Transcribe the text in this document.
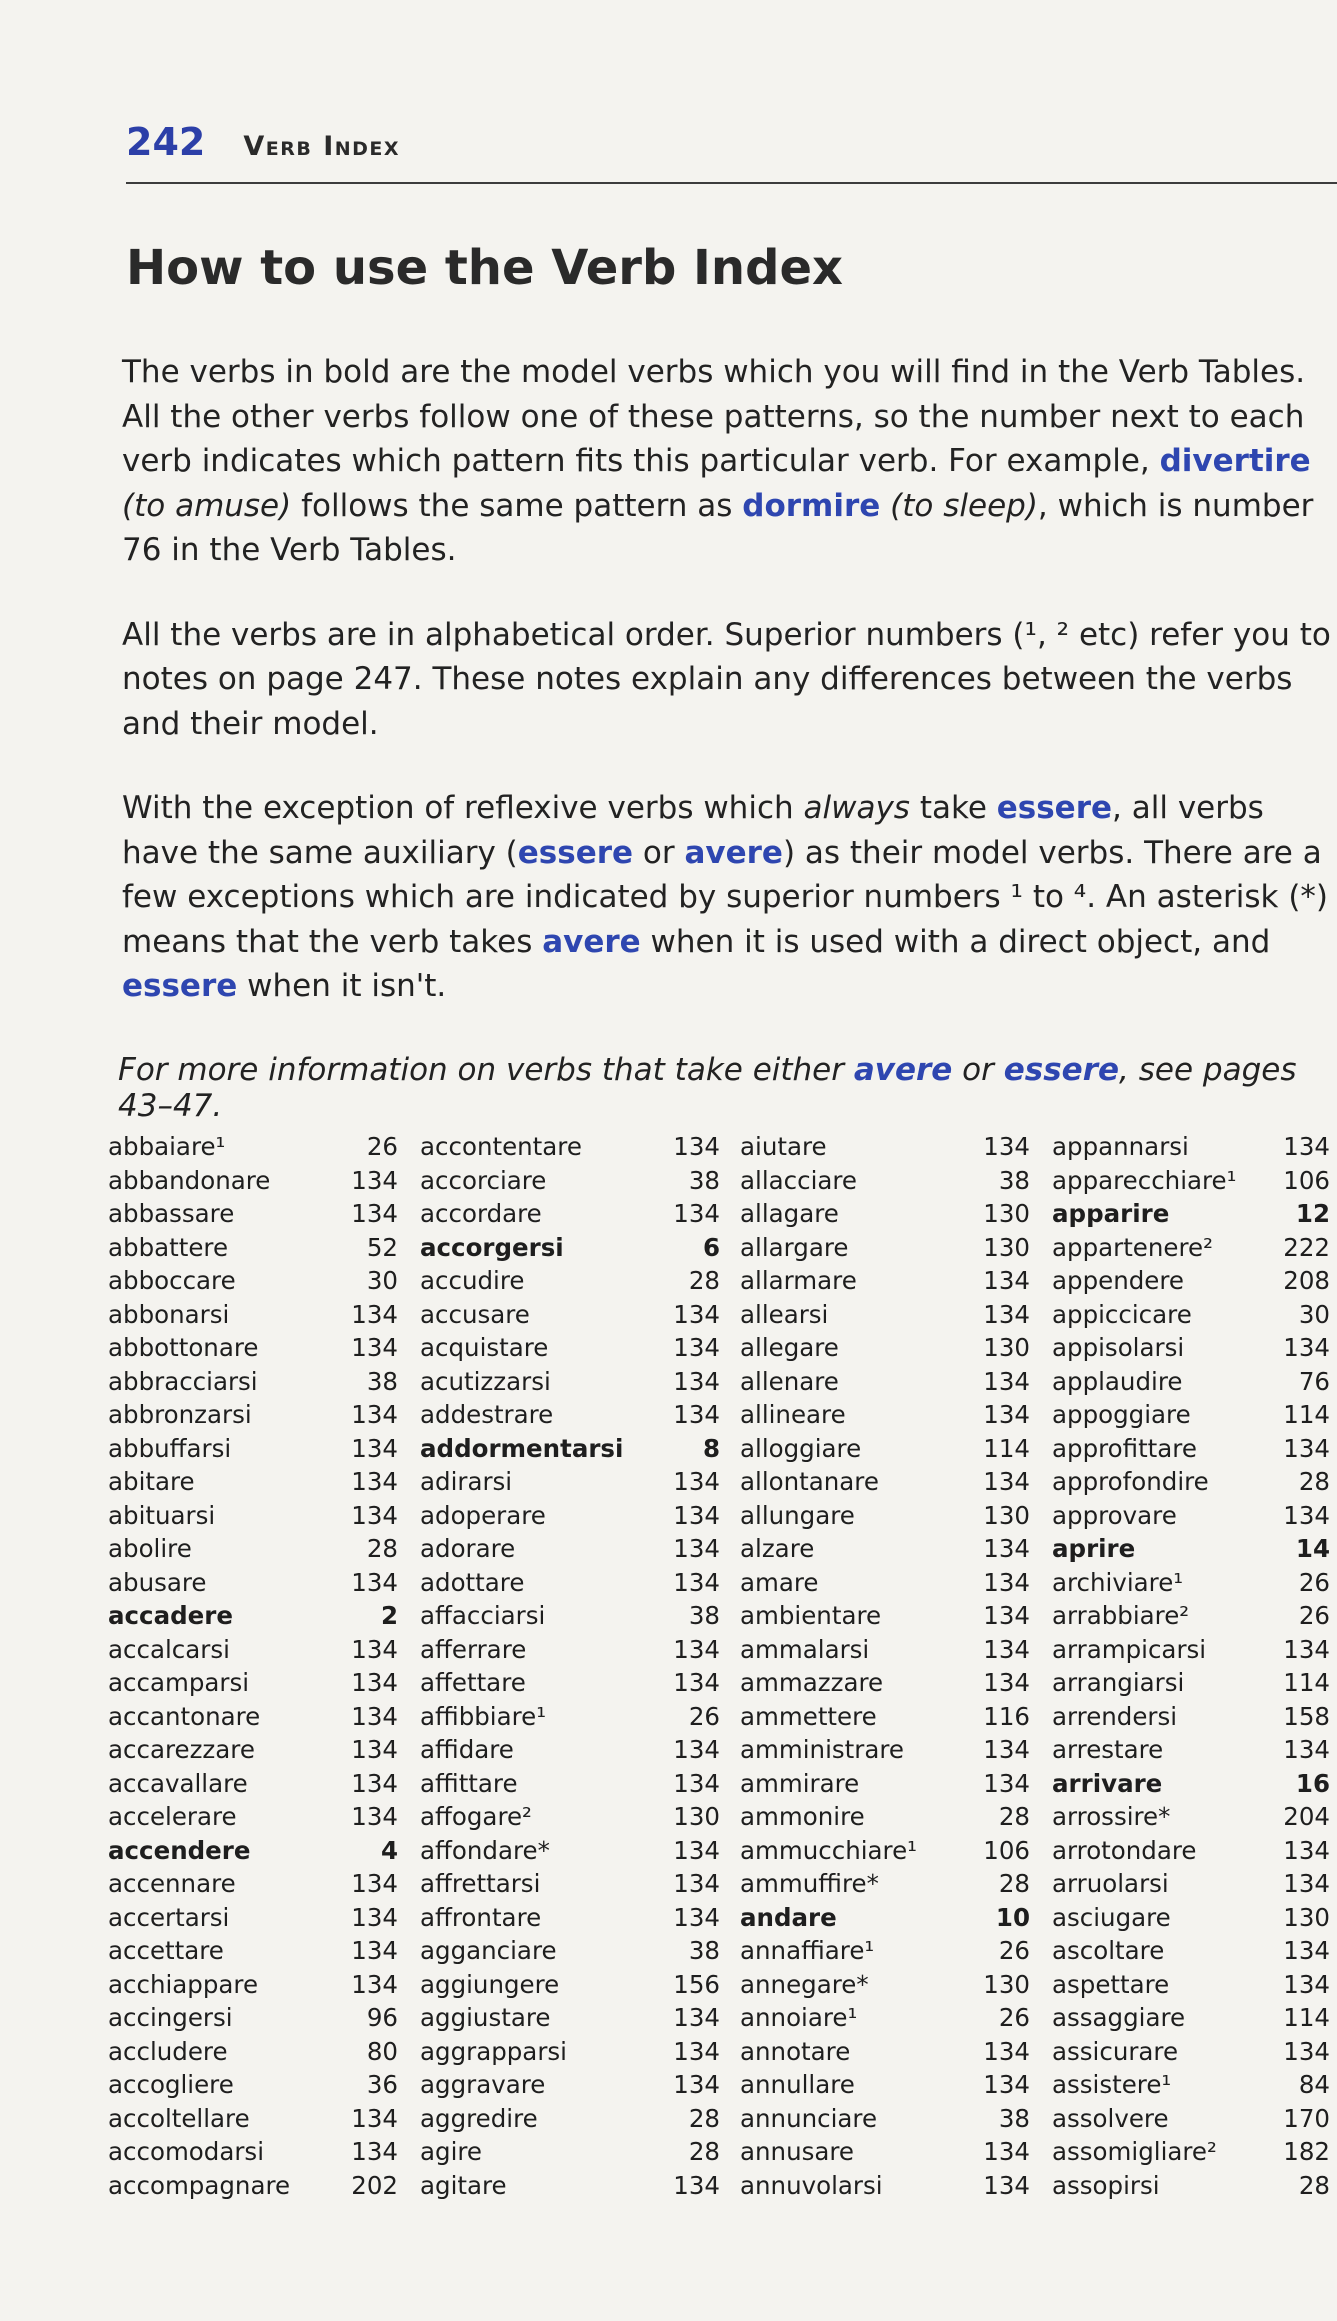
242 Verb Index
How to use the Verb Index

The verbs in bold are the model verbs which you will find in the Verb Tables. All the other verbs follow one of these patterns, so the number next to each verb indicates which pattern fits this particular verb. For example, divertire (to amuse) follows the same pattern as dormire (to sleep), which is number 76 in the Verb Tables.

All the verbs are in alphabetical order. Superior numbers (¹, ² etc) refer you to notes on page 247. These notes explain any differences between the verbs and their model.

With the exception of reflexive verbs which always take essere, all verbs have the same auxiliary (essere or avere) as their model verbs. There are a few exceptions which are indicated by superior numbers ¹ to ⁴. An asterisk (*) means that the verb takes avere when it is used with a direct object, and essere when it isn't.

For more information on verbs that take either avere or essere, see pages 43–47.
abbaiare¹	26
abbandonare	134
abbassare	134
abbattere	52
abboccare	30
abbonarsi	134
abbottonare	134
abbracciarsi	38
abbronzarsi	134
abbuffarsi	134
abitare	134
abituarsi	134
abolire	28
abusare	134
accadere	2
accalcarsi	134
accamparsi	134
accantonare	134
accarezzare	134
accavallare	134
accelerare	134
accendere	4
accennare	134
accertarsi	134
accettare	134
acchiappare	134
accingersi	96
accludere	80
accogliere	36
accoltellare	134
accomodarsi	134
accompagnare 202
accontentare	134
accorciare	38
accordare	134
accorgersi	6
accudire	28
accusare	134
acquistare	134
acutizzarsi	134
addestrare	134
addormentarsi	8
adirarsi	134
adoperare	134
adorare	134
adottare	134
affacciarsi	38
afferrare	134
affettare	134
affibbiare¹	26
affidare	134
affittare	134
affogare²	130
affondare*	134
affrettarsi	134
affrontare	134
agganciare	38
aggiungere	156
aggiustare	134
aggrapparsi	134
aggravare	134
aggredire	28
agire	28
agitare	134
aiutare	134
allacciare	38
allagare	130
allargare	130
allarmare	134
allearsi	134
allegare	130
allenare	134
allineare	134
alloggiare	114
allontanare	134
allungare	130
alzare	134
amare	134
ambientare	134
ammalarsi	134
ammazzare	134
ammettere	116
amministrare	134
ammirare	134
ammonire	28
ammucchiare¹	106
ammuffire*	28
andare	10
annaffiare¹	26
annegare*	130
annoiare¹	26
annotare	134
annullare	134
annunciare	38
annusare	134
annuvolarsi	134
appannarsi	134
apparecchiare¹ 106
apparire	12
appartenere²	222
appendere	208
appiccicare	30
appisolarsi	134
applaudire	76
appoggiare	114
approfittare	134
approfondire	28
approvare	134
aprire	14
archiviare¹	26
arrabbiare²	26
arrampicarsi	134
arrangiarsi	114
arrendersi	158
arrestare	134
arrivare	16
arrossire*	204
arrotondare	134
arruolarsi	134
asciugare	130
ascoltare	134
aspettare	134
assaggiare	114
assicurare	134
assistere¹	84
assolvere	170
assomigliare²	182
assopirsi	28
